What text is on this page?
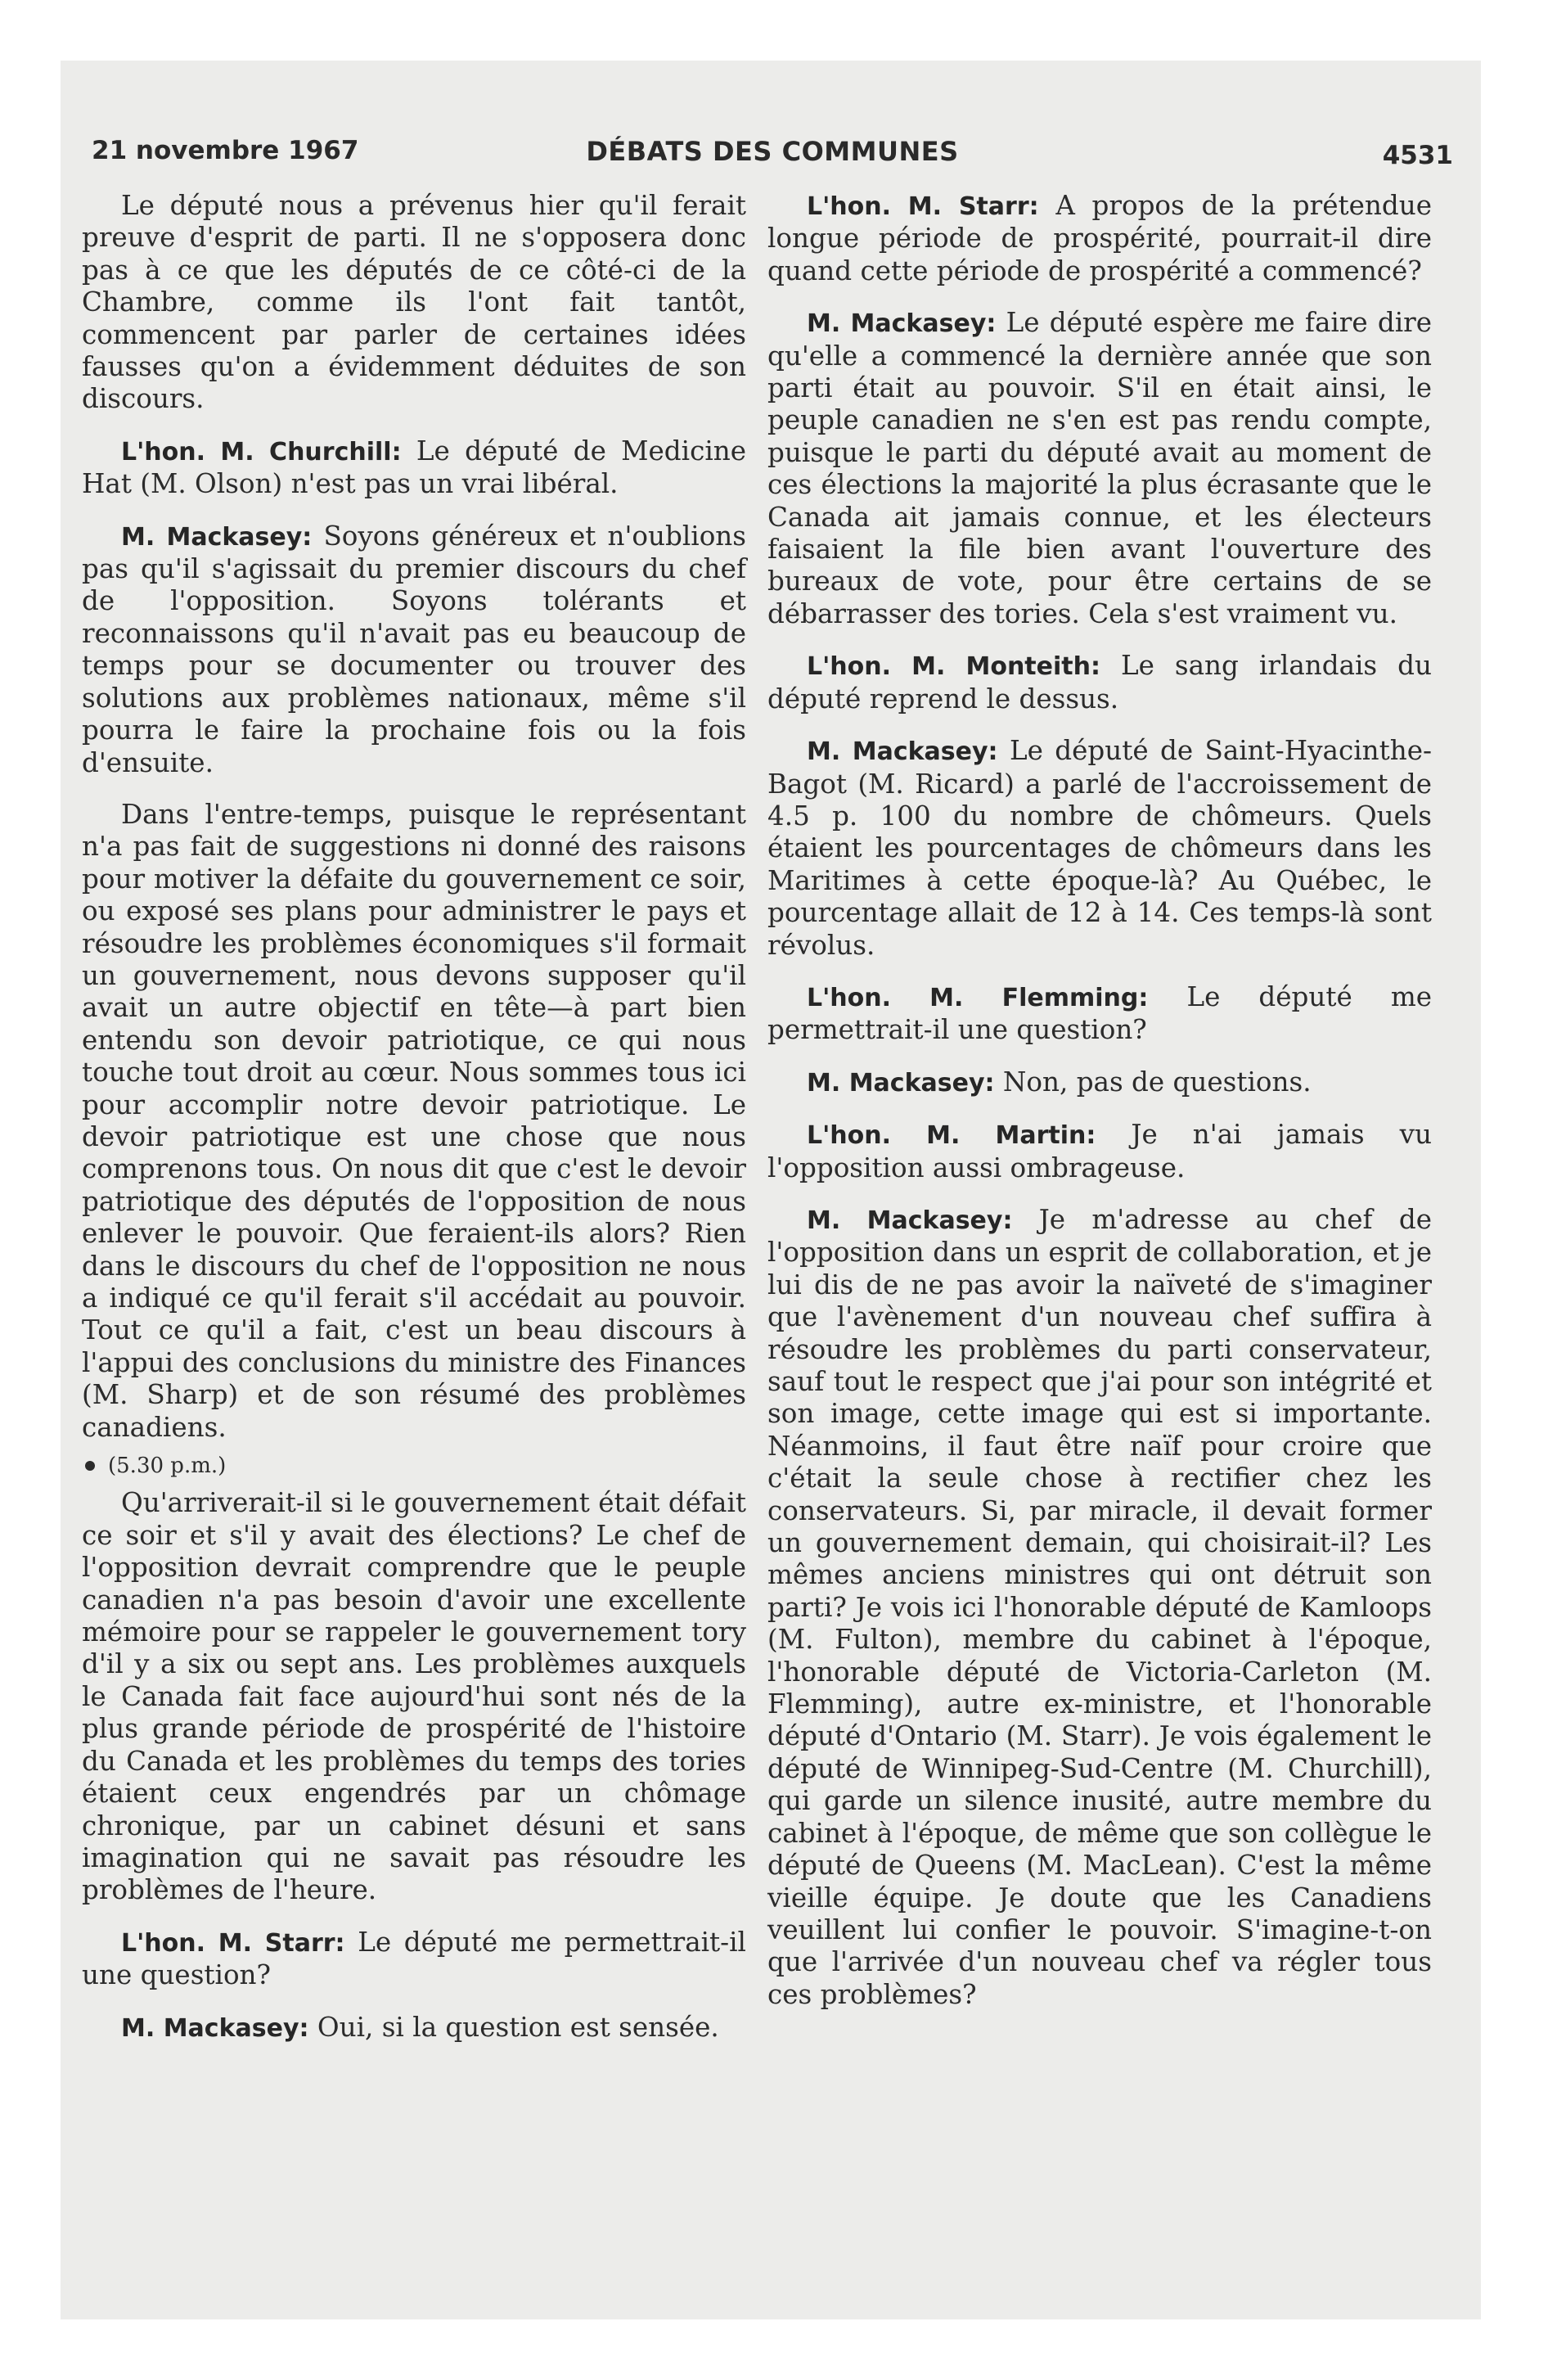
21 novembre 1967	DÉBATS DES COMMUNES	4531

Le député nous a prévenus hier qu'il ferait preuve d'esprit de parti. Il ne s'opposera donc pas à ce que les députés de ce côté-ci de la Chambre, comme ils l'ont fait tantôt, commencent par parler de certaines idées fausses qu'on a évidemment déduites de son discours.

L'hon. M. Churchill: Le député de Medicine Hat (M. Olson) n'est pas un vrai libéral.

M. Mackasey: Soyons généreux et n'oublions pas qu'il s'agissait du premier discours du chef de l'opposition. Soyons tolérants et reconnaissons qu'il n'avait pas eu beaucoup de temps pour se documenter ou trouver des solutions aux problèmes nationaux, même s'il pourra le faire la prochaine fois ou la fois d'ensuite.

Dans l'entre-temps, puisque le représentant n'a pas fait de suggestions ni donné des raisons pour motiver la défaite du gouvernement ce soir, ou exposé ses plans pour administrer le pays et résoudre les problèmes économiques s'il formait un gouvernement, nous devons supposer qu'il avait un autre objectif en tête—à part bien entendu son devoir patriotique, ce qui nous touche tout droit au cœur. Nous sommes tous ici pour accomplir notre devoir patriotique. Le devoir patriotique est une chose que nous comprenons tous. On nous dit que c'est le devoir patriotique des députés de l'opposition de nous enlever le pouvoir. Que feraient-ils alors? Rien dans le discours du chef de l'opposition ne nous a indiqué ce qu'il ferait s'il accédait au pouvoir. Tout ce qu'il a fait, c'est un beau discours à l'appui des conclusions du ministre des Finances (M. Sharp) et de son résumé des problèmes canadiens.

(5.30 p.m.)

Qu'arriverait-il si le gouvernement était défait ce soir et s'il y avait des élections? Le chef de l'opposition devrait comprendre que le peuple canadien n'a pas besoin d'avoir une excellente mémoire pour se rappeler le gouvernement tory d'il y a six ou sept ans. Les problèmes auxquels le Canada fait face aujourd'hui sont nés de la plus grande période de prospérité de l'histoire du Canada et les problèmes du temps des tories étaient ceux engendrés par un chômage chronique, par un cabinet désuni et sans imagination qui ne savait pas résoudre les problèmes de l'heure.

L'hon. M. Starr: Le député me permettrait-il une question?

M. Mackasey: Oui, si la question est sensée.

L'hon. M. Starr: A propos de la prétendue longue période de prospérité, pourrait-il dire quand cette période de prospérité a commencé?

M. Mackasey: Le député espère me faire dire qu'elle a commencé la dernière année que son parti était au pouvoir. S'il en était ainsi, le peuple canadien ne s'en est pas rendu compte, puisque le parti du député avait au moment de ces élections la majorité la plus écrasante que le Canada ait jamais connue, et les électeurs faisaient la file bien avant l'ouverture des bureaux de vote, pour être certains de se débarrasser des tories. Cela s'est vraiment vu.

L'hon. M. Monteith: Le sang irlandais du député reprend le dessus.

M. Mackasey: Le député de Saint-Hyacinthe-Bagot (M. Ricard) a parlé de l'accroissement de 4.5 p. 100 du nombre de chômeurs. Quels étaient les pourcentages de chômeurs dans les Maritimes à cette époque-là? Au Québec, le pourcentage allait de 12 à 14. Ces temps-là sont révolus.

L'hon. M. Flemming: Le député me permettrait-il une question?

M. Mackasey: Non, pas de questions.

L'hon. M. Martin: Je n'ai jamais vu l'opposition aussi ombrageuse.

M. Mackasey: Je m'adresse au chef de l'opposition dans un esprit de collaboration, et je lui dis de ne pas avoir la naïveté de s'imaginer que l'avènement d'un nouveau chef suffira à résoudre les problèmes du parti conservateur, sauf tout le respect que j'ai pour son intégrité et son image, cette image qui est si importante. Néanmoins, il faut être naïf pour croire que c'était la seule chose à rectifier chez les conservateurs. Si, par miracle, il devait former un gouvernement demain, qui choisirait-il? Les mêmes anciens ministres qui ont détruit son parti? Je vois ici l'honorable député de Kamloops (M. Fulton), membre du cabinet à l'époque, l'honorable député de Victoria-Carleton (M. Flemming), autre ex-ministre, et l'honorable député d'Ontario (M. Starr). Je vois également le député de Winnipeg-Sud-Centre (M. Churchill), qui garde un silence inusité, autre membre du cabinet à l'époque, de même que son collègue le député de Queens (M. MacLean). C'est la même vieille équipe. Je doute que les Canadiens veuillent lui confier le pouvoir. S'imagine-t-on que l'arrivée d'un nouveau chef va régler tous ces problèmes?
